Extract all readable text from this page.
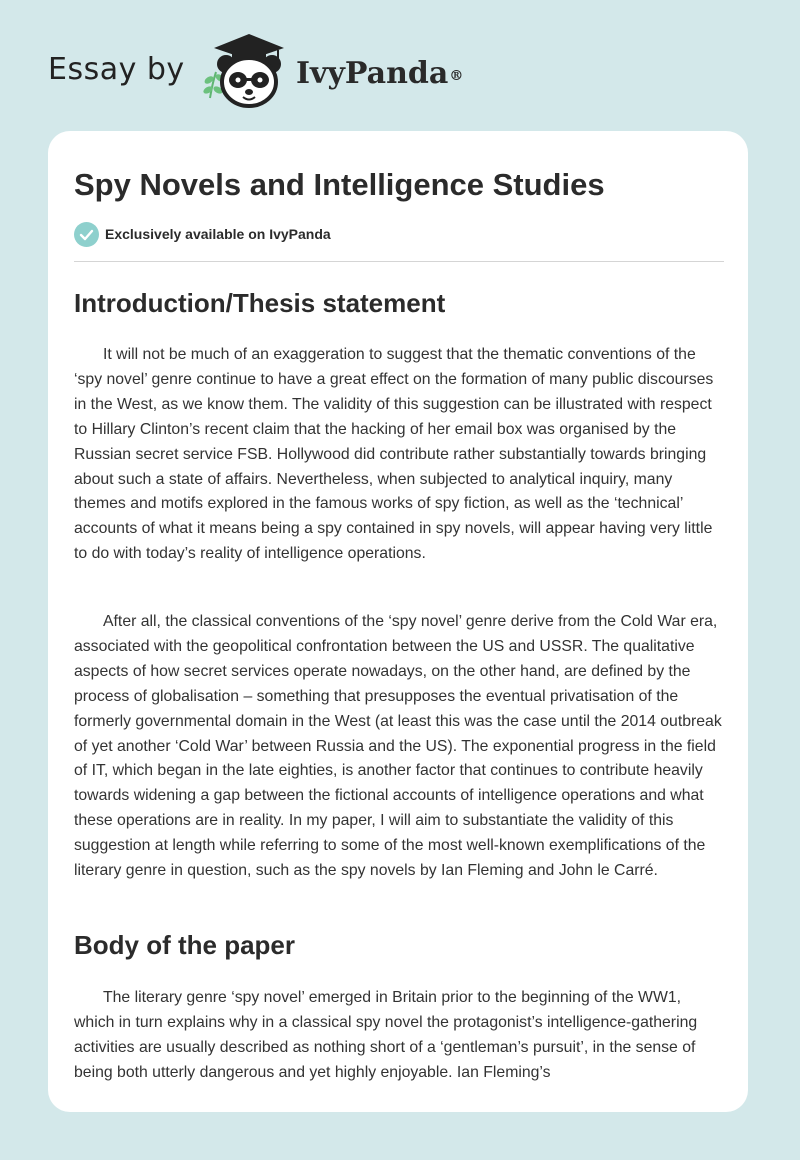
Essay by	IvyPanda®
Spy Novels and Intelligence Studies
Exclusively available on IvyPanda
Introduction/Thesis statement

It will not be much of an exaggeration to suggest that the thematic conventions of the ‘spy novel’ genre continue to have a great effect on the formation of many public discourses in the West, as we know them. The validity of this suggestion can be illustrated with respect to Hillary Clinton’s recent claim that the hacking of her email box was organised by the Russian secret service FSB. Hollywood did contribute rather substantially towards bringing about such a state of affairs. Nevertheless, when subjected to analytical inquiry, many themes and motifs explored in the famous works of spy fiction, as well as the ‘technical’ accounts of what it means being a spy contained in spy novels, will appear having very little to do with today’s reality of intelligence operations.

After all, the classical conventions of the ‘spy novel’ genre derive from the Cold War era, associated with the geopolitical confrontation between the US and USSR. The qualitative aspects of how secret services operate nowadays, on the other hand, are defined by the process of globalisation – something that presupposes the eventual privatisation of the formerly governmental domain in the West (at least this was the case until the 2014 outbreak of yet another ‘Cold War’ between Russia and the US). The exponential progress in the field of IT, which began in the late eighties, is another factor that continues to contribute heavily towards widening a gap between the fictional accounts of intelligence operations and what these operations are in reality. In my paper, I will aim to substantiate the validity of this suggestion at length while referring to some of the most well-known exemplifications of the literary genre in question, such as the spy novels by Ian Fleming and John le Carré.

Body of the paper

The literary genre ‘spy novel’ emerged in Britain prior to the beginning of the WW1, which in turn explains why in a classical spy novel the protagonist’s intelligence-gathering activities are usually described as nothing short of a ‘gentleman’s pursuit’, in the sense of being both utterly dangerous and yet highly enjoyable. Ian Fleming’s
